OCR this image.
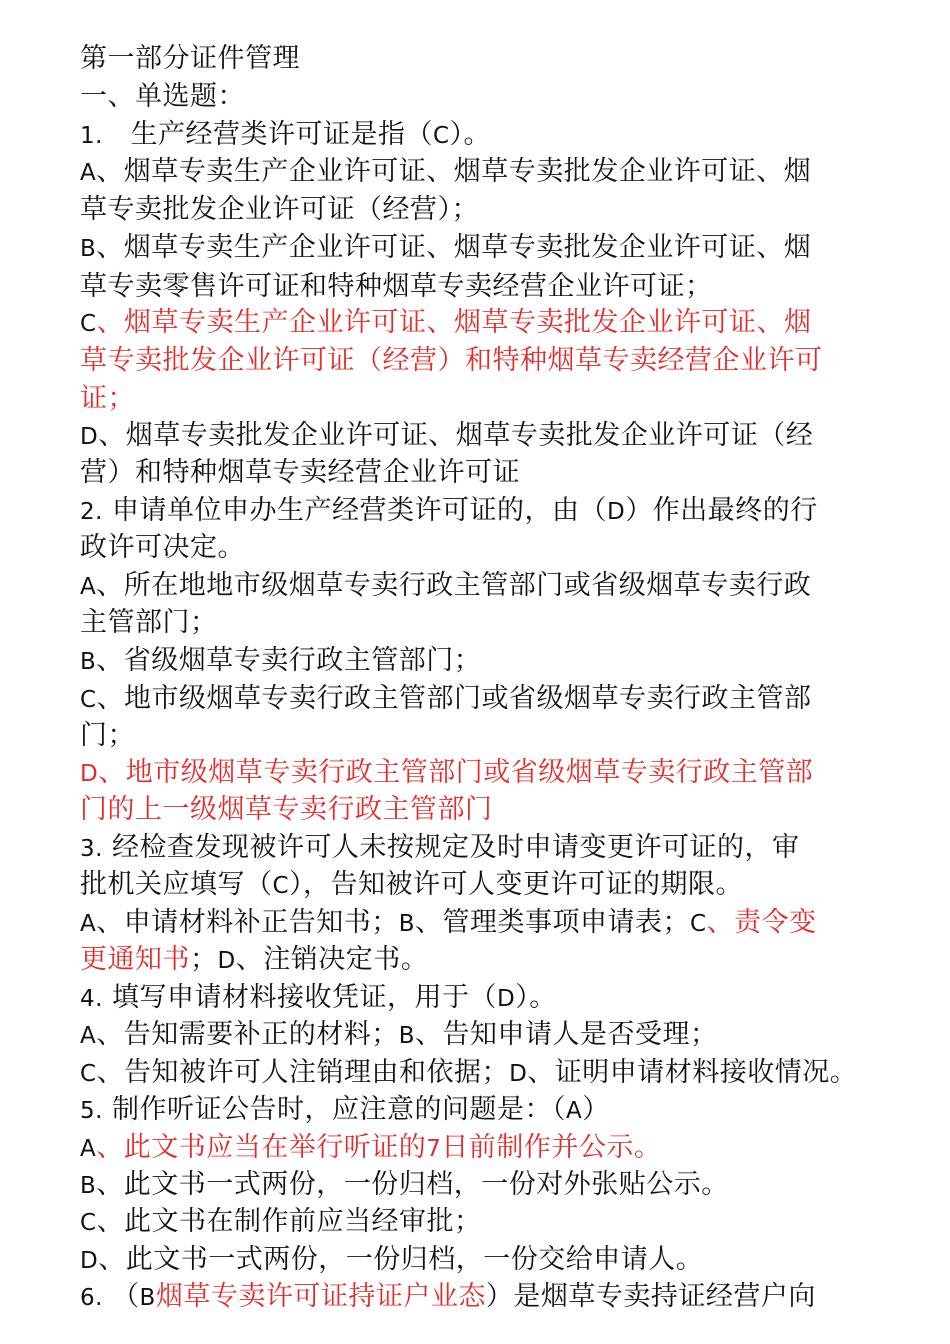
第一部分证件管理
一、单选题：
1.　生产经营类许可证是指（C）。
A、烟草专卖生产企业许可证、烟草专卖批发企业许可证、烟
草专卖批发企业许可证（经营）；
B、烟草专卖生产企业许可证、烟草专卖批发企业许可证、烟
草专卖零售许可证和特种烟草专卖经营企业许可证；
C、烟草专卖生产企业许可证、烟草专卖批发企业许可证、烟
草专卖批发企业许可证（经营）和特种烟草专卖经营企业许可
证；
D、烟草专卖批发企业许可证、烟草专卖批发企业许可证（经
营）和特种烟草专卖经营企业许可证
2. 申请单位申办生产经营类许可证的，由（D）作出最终的行
政许可决定。
A、所在地地市级烟草专卖行政主管部门或省级烟草专卖行政
主管部门；
B、省级烟草专卖行政主管部门；
C、地市级烟草专卖行政主管部门或省级烟草专卖行政主管部
门；
D、地市级烟草专卖行政主管部门或省级烟草专卖行政主管部
门的上一级烟草专卖行政主管部门
3. 经检查发现被许可人未按规定及时申请变更许可证的，审
批机关应填写（C），告知被许可人变更许可证的期限。
A、申请材料补正告知书；B、管理类事项申请表；C、责令变
更通知书；D、注销决定书。
4. 填写申请材料接收凭证，用于（D）。
A、告知需要补正的材料；B、告知申请人是否受理；
C、告知被许可人注销理由和依据；D、证明申请材料接收情况。
5. 制作听证公告时，应注意的问题是：（A）
A、此文书应当在举行听证的7日前制作并公示。
B、此文书一式两份，一份归档，一份对外张贴公示。
C、此文书在制作前应当经审批；
D、此文书一式两份，一份归档，一份交给申请人。
6. （B烟草专卖许可证持证户业态）是烟草专卖持证经营户向
